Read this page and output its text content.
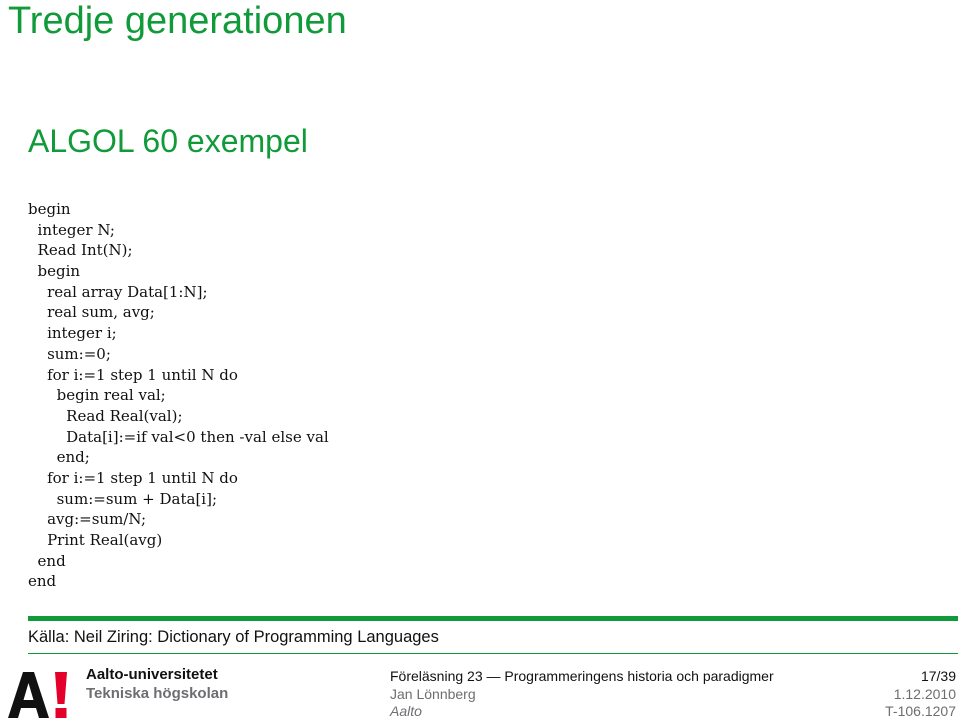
Tredje generationen
ALGOL 60 exempel
begin
integer N;
Read Int(N);
begin
real array Data[1:N];
real sum, avg;
integer i;
sum:=0;
for i:=1 step 1 until N do
begin real val;
Read Real(val);
Data[i]:=if val<0 then -val else val
end;
for i:=1 step 1 until N do
sum:=sum + Data[i];
avg:=sum/N;
Print Real(avg)
end
end
Källa: Neil Ziring: Dictionary of Programming Languages
Aalto-universitetet
Tekniska högskolan
Föreläsning 23 — Programmeringens historia och paradigmer
Jan Lönnberg
Aalto
17/39
1.12.2010
T-106.1207
